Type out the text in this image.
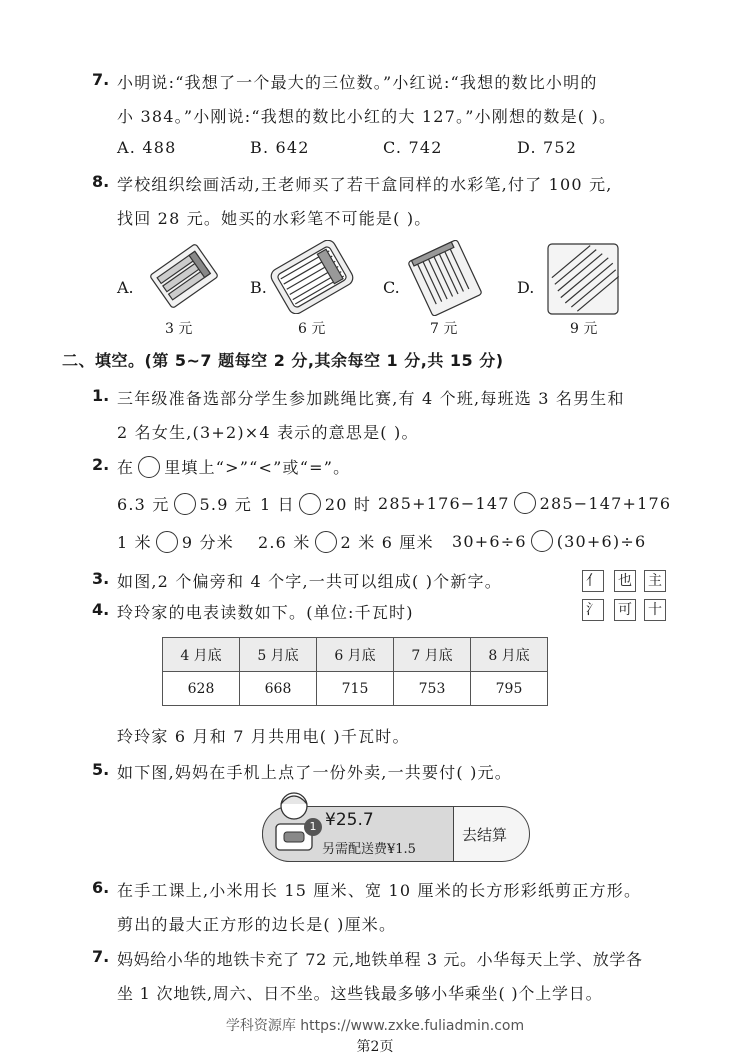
7. 小明说:“我想了一个最大的三位数。”小红说:“我想的数比小明的
小 384。”小刚说:“我想的数比小红的大 127。”小刚想的数是( )。
A. 488	B. 642	C. 742	D. 752
8. 学校组织绘画活动,王老师买了若干盒同样的水彩笔,付了 100 元,
找回 28 元。她买的水彩笔不可能是( )。
A.	B.	C.	D.
3 元	6 元	7 元	9 元
二、填空。(第 5~7 题每空 2 分,其余每空 1 分,共 15 分)
1. 三年级准备选部分学生参加跳绳比赛,有 4 个班,每班选 3 名男生和
2 名女生,(3+2)×4 表示的意思是( )。
2. 在 里填上“>”“<”或“=”。
6.3 元 5.9 元 1 日 20 时 285+176−147 285−147+176
1 米 9 分米 2.6 米 2 米 6 厘米 30+6÷6 (30+6)÷6
3. 如图,2 个偏旁和 4 个字,一共可以组成( )个新字。	亻 也 主
氵 可 十
4. 玲玲家的电表读数如下。(单位:千瓦时)
4 月底	5 月底	6 月底	7 月底	8 月底
628	668	715	753	795
玲玲家 6 月和 7 月共用电( )千瓦时。
5. 如下图,妈妈在手机上点了一份外卖,一共要付( )元。
1 ¥25.7
另需配送费¥1.5
去结算
6. 在手工课上,小米用长 15 厘米、宽 10 厘米的长方形彩纸剪正方形。
剪出的最大正方形的边长是( )厘米。
7. 妈妈给小华的地铁卡充了 72 元,地铁单程 3 元。小华每天上学、放学各
坐 1 次地铁,周六、日不坐。这些钱最多够小华乘坐( )个上学日。
学科资源库 https://www.zxke.fuliadmin.com
第2页
